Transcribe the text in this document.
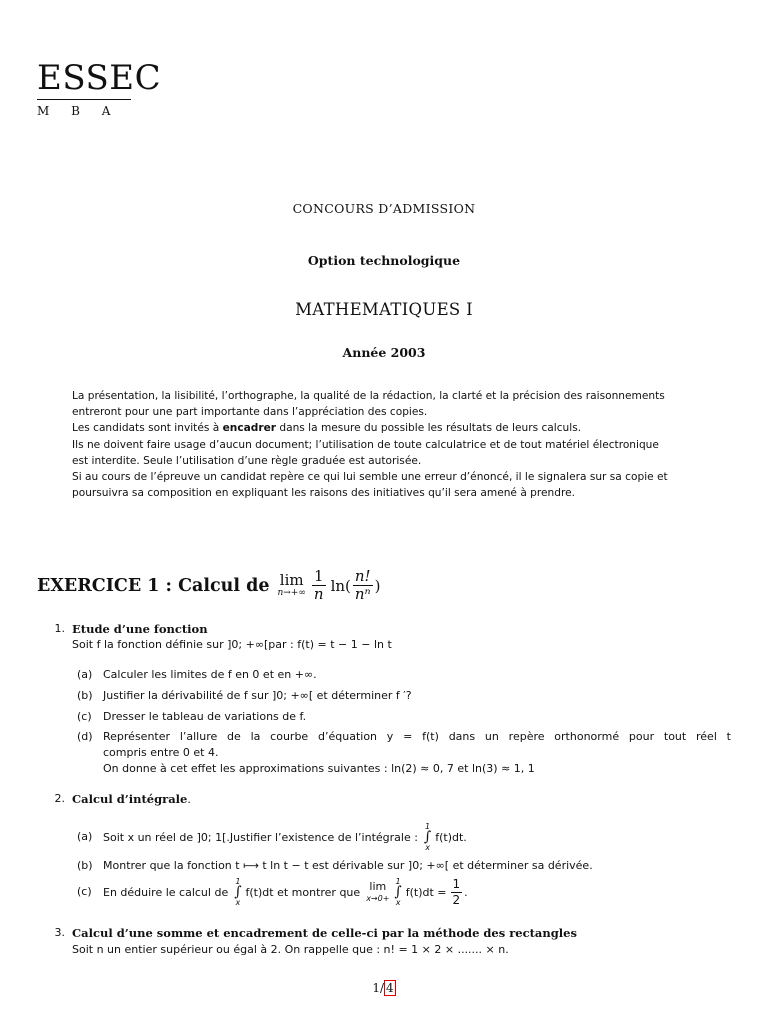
ESSEC
M B A
CONCOURS D’ADMISSION
Option technologique
MATHEMATIQUES I
Année 2003
La présentation, la lisibilité, l’orthographe, la qualité de la rédaction, la clarté et la précision des raisonnements
entreront pour une part importante dans l’appréciation des copies.
Les candidats sont invités à encadrer dans la mesure du possible les résultats de leurs calculs.
Ils ne doivent faire usage d’aucun document; l’utilisation de toute calculatrice et de tout matériel électronique
est interdite. Seule l’utilisation d’une règle graduée est autorisée.
Si au cours de l’épreuve un candidat repère ce qui lui semble une erreur d’énoncé, il le signalera sur sa copie et
poursuivra sa composition en expliquant les raisons des initiatives qu’il sera amené à prendre.
EXERCICE 1 : Calcul de lim
$n\to+\infty \frac{1}{n} \ln( \frac{n!}{\text{nⁿ}}$ )
1. Etude d’une fonction
Soit f la fonction définie sur ]0; +∞[par : f(t) = t − 1 − ln t
(a) Calculer les limites de f en 0 et en +∞.
(b) Justifier la dérivabilité de f sur ]0; +∞[ et déterminer f ′?
(c) Dresser le tableau de variations de f.
(d) Représenter l’allure de la courbe d’équation y = f(t) dans un repère orthonormé pour tout réel t
compris entre 0 et 4.
On donne à cet effet les approximations suivantes : ln(2) ≈ 0, 7 et ln(3) ≈ 1, 1
2. Calcul d’intégrale.
(a) Soit x un réel de ]0; 1[.Justifier l’existence de l’intégrale :
1
∫
x
f(t)dt.
(b) Montrer que la fonction t ⟼ t ln t − t est dérivable sur ]0; +∞[ et déterminer sa dérivée.
(c) En déduire le calcul de
1
∫
x
f(t)dt et montrer que lim
x→0+
1
∫
x
$f(t)dt = \frac{1}{2}$ .
3. Calcul d’une somme et encadrement de celle-ci par la méthode des rectangles
Soit n un entier supérieur ou égal à 2. On rappelle que : n! = 1 × 2 × ....... × n.
1/ 4
